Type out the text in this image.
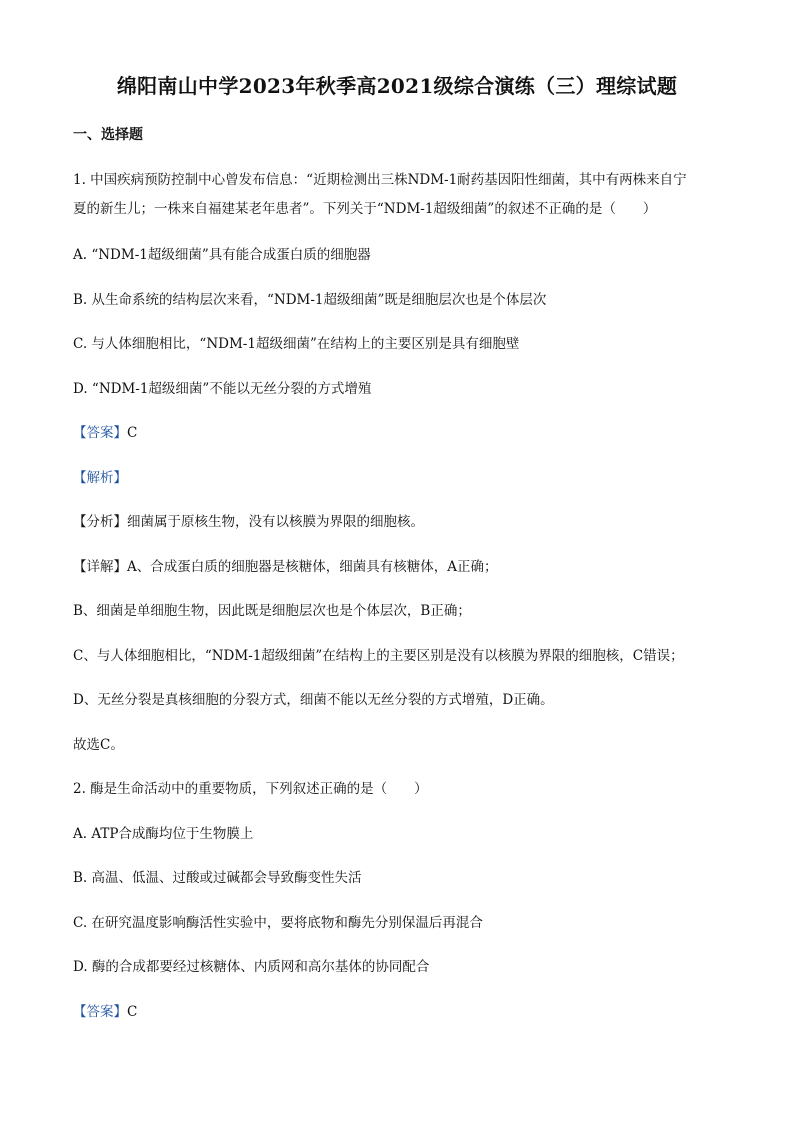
绵阳南山中学2023年秋季高2021级综合演练（三）理综试题
一、选择题
1. 中国疾病预防控制中心曾发布信息：“近期检测出三株NDM-1耐药基因阳性细菌，其中有两株来自宁
夏的新生儿；一株来自福建某老年患者”。下列关于“NDM-1超级细菌”的叙述不正确的是（　　）
A. “NDM-1超级细菌”具有能合成蛋白质的细胞器
B. 从生命系统的结构层次来看，“NDM-1超级细菌”既是细胞层次也是个体层次
C. 与人体细胞相比，“NDM-1超级细菌”在结构上的主要区别是具有细胞壁
D. “NDM-1超级细菌”不能以无丝分裂的方式增殖
【答案】C
【解析】
【分析】细菌属于原核生物，没有以核膜为界限的细胞核。
【详解】A、合成蛋白质的细胞器是核糖体，细菌具有核糖体，A正确；
B、细菌是单细胞生物，因此既是细胞层次也是个体层次，B正确；
C、与人体细胞相比，“NDM-1超级细菌”在结构上的主要区别是没有以核膜为界限的细胞核，C错误；
D、无丝分裂是真核细胞的分裂方式，细菌不能以无丝分裂的方式增殖，D正确。
故选C。
2. 酶是生命活动中的重要物质，下列叙述正确的是（　　）
A. ATP合成酶均位于生物膜上
B. 高温、低温、过酸或过碱都会导致酶变性失活
C. 在研究温度影响酶活性实验中，要将底物和酶先分别保温后再混合
D. 酶的合成都要经过核糖体、内质网和高尔基体的协同配合
【答案】C
